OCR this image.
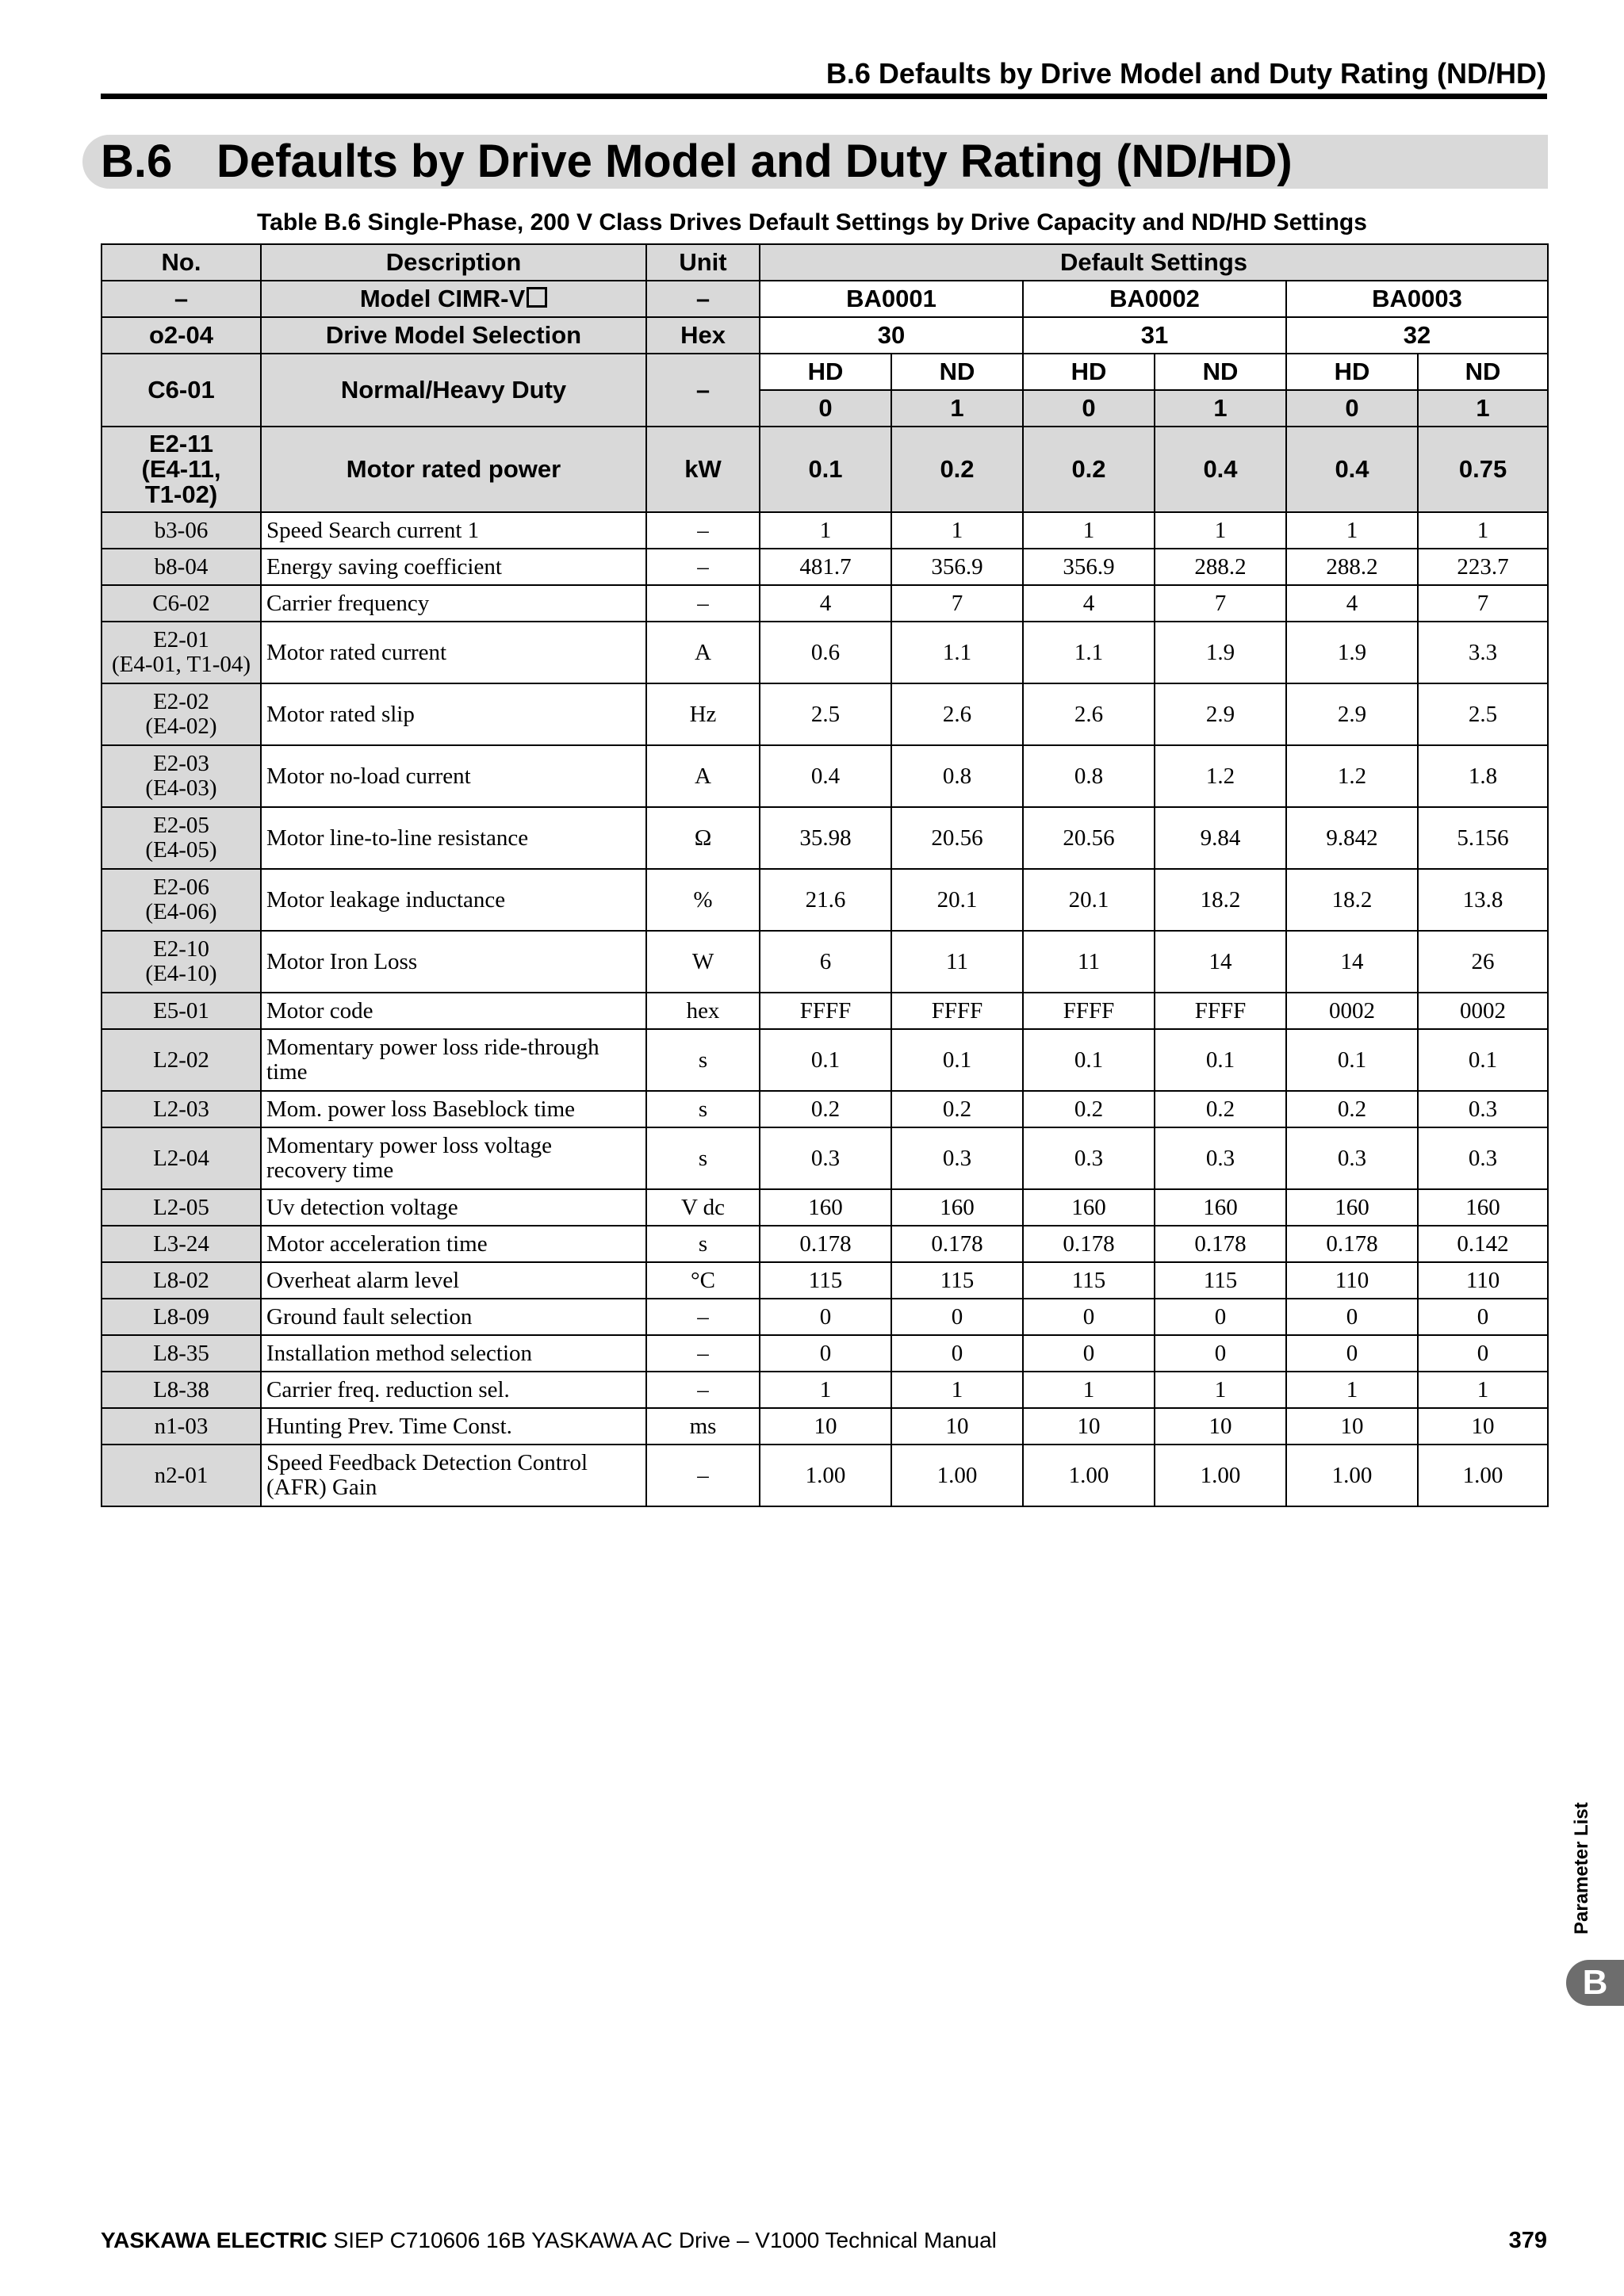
B.6 Defaults by Drive Model and Duty Rating (ND/HD)
B.6 Defaults by Drive Model and Duty Rating (ND/HD)
Table B.6 Single-Phase, 200 V Class Drives Default Settings by Drive Capacity and ND/HD Settings
No.	Description	Unit	Default Settings					
–	Model CIMR-V	–	BA0001		BA0002		BA0003	
o2-04	Drive Model Selection	Hex	30		31		32	
C6-01	Normal/Heavy Duty	–	HD	ND	HD	ND	HD	ND
			0	1	0	1	0	1

E2-11
(E4-11,
T1-02)	Motor rated power	kW	0.1	0.2	0.2	0.4	0.4	0.75

b3-06	Speed Search current 1	–	1	1	1	1	1	1

b8-04	Energy saving coefficient	–	481.7	356.9	356.9	288.2	288.2	223.7

C6-02	Carrier frequency	–	4	7	4	7	4	7

E2-01
(E4-01, T1-04)	Motor rated current	A	0.6	1.1	1.1	1.9	1.9	3.3

E2-02
(E4-02)	Motor rated slip	Hz	2.5	2.6	2.6	2.9	2.9	2.5

E2-03
(E4-03)	Motor no-load current	A	0.4	0.8	0.8	1.2	1.2	1.8

E2-05
(E4-05)	Motor line-to-line resistance	Ω	35.98	20.56	20.56	9.84	9.842	5.156

E2-06
(E4-06)	Motor leakage inductance	%	21.6	20.1	20.1	18.2	18.2	13.8

E2-10
(E4-10)	Motor Iron Loss	W	6	11	11	14	14	26

E5-01	Motor code	hex	FFFF	FFFF	FFFF	FFFF	0002	0002

L2-02	Momentary power loss ride-through
time	s	0.1	0.1	0.1	0.1	0.1	0.1

L2-03	Mom. power loss Baseblock time	s	0.2	0.2	0.2	0.2	0.2	0.3

L2-04	Momentary power loss voltage
recovery time	s	0.3	0.3	0.3	0.3	0.3	0.3

L2-05	Uv detection voltage	V dc	160	160	160	160	160	160

L3-24	Motor acceleration time	s	0.178	0.178	0.178	0.178	0.178	0.142

L8-02	Overheat alarm level	°C	115	115	115	115	110	110

L8-09	Ground fault selection	–	0	0	0	0	0	0

L8-35	Installation method selection	–	0	0	0	0	0	0

L8-38	Carrier freq. reduction sel.	–	1	1	1	1	1	1

n1-03	Hunting Prev. Time Const.	ms	10	10	10	10	10	10

n2-01	Speed Feedback Detection Control
(AFR) Gain	–	1.00	1.00	1.00	1.00	1.00	1.00
Parameter List
B
YASKAWA ELECTRIC SIEP C710606 16B YASKAWA AC Drive – V1000 Technical Manual	379
